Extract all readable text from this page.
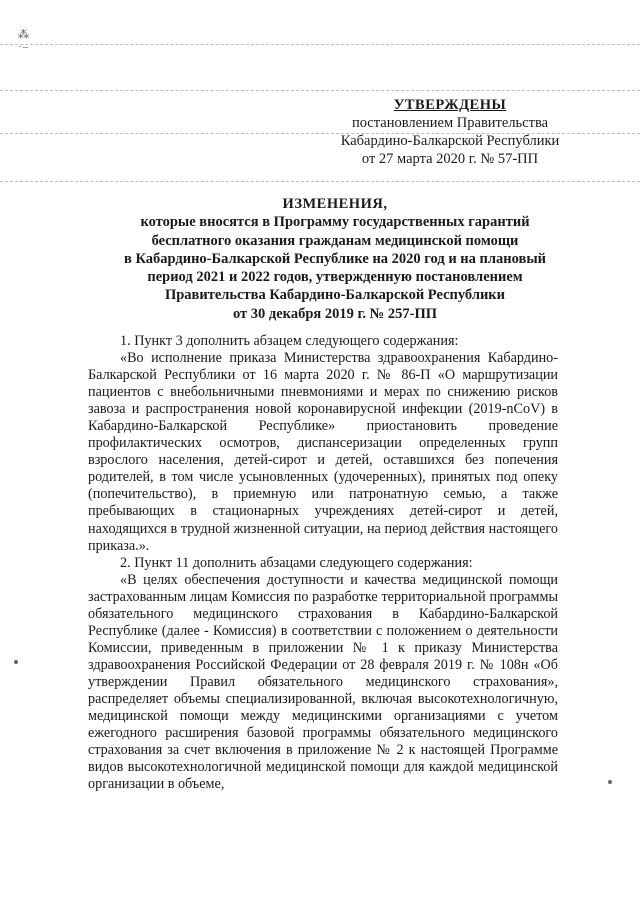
⁂
·–
УТВЕРЖДЕНЫ
постановлением Правительства
Кабардино-Балкарской Республики
от 27 марта 2020 г. № 57-ПП
ИЗМЕНЕНИЯ,
которые вносятся в Программу государственных гарантий
бесплатного оказания гражданам медицинской помощи
в Кабардино-Балкарской Республике на 2020 год и на плановый
период 2021 и 2022 годов, утвержденную постановлением
Правительства Кабардино-Балкарской Республики
от 30 декабря 2019 г. № 257-ПП

1. Пункт 3 дополнить абзацем следующего содержания:

«Во исполнение приказа Министерства здравоохранения Кабардино-Балкарской Республики от 16 марта 2020 г. № 86-П «О маршрутизации пациентов с внебольничными пневмониями и мерах по снижению рисков завоза и распространения новой коронавирусной инфекции (2019-nCoV) в Кабардино-Балкарской Республике» приостановить проведение профилактических осмотров, диспансеризации определенных групп взрослого населения, детей-сирот и детей, оставшихся без попечения родителей, в том числе усыновленных (удочеренных), принятых под опеку (попечительство), в приемную или патронатную семью, а также пребывающих в стационарных учреждениях детей-сирот и детей, находящихся в трудной жизненной ситуации, на период действия настоящего приказа.».

2. Пункт 11 дополнить абзацами следующего содержания:

«В целях обеспечения доступности и качества медицинской помощи застрахованным лицам Комиссия по разработке территориальной программы обязательного медицинского страхования в Кабардино-Балкарской Республике (далее - Комиссия) в соответствии с положением о деятельности Комиссии, приведенным в приложении № 1 к приказу Министерства здравоохранения Российской Федерации от 28 февраля 2019 г. № 108н «Об утверждении Правил обязательного медицинского страхования», распределяет объемы специализированной, включая высокотехнологичную, медицинской помощи между медицинскими организациями с учетом ежегодного расширения базовой программы обязательного медицинского страхования за счет включения в приложение № 2 к настоящей Программе видов высокотехнологичной медицинской помощи для каждой медицинской организации в объеме,
